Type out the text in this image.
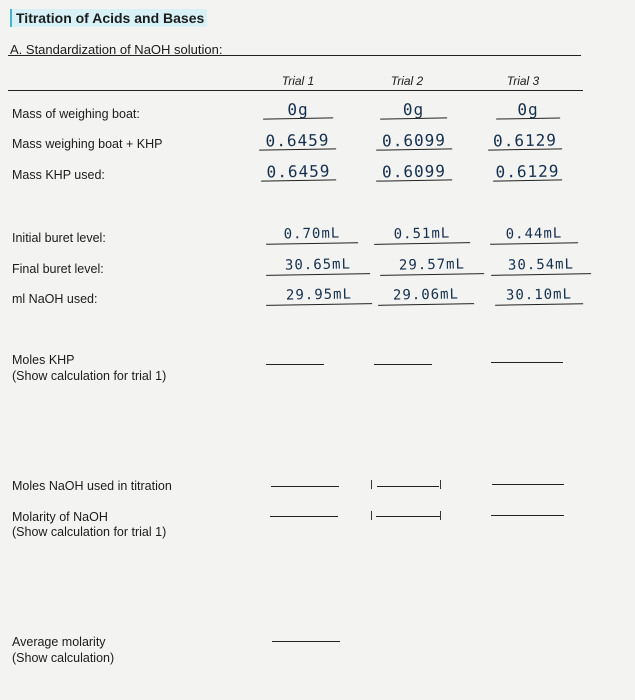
Titration of Acids and Bases
A. Standardization of NaOH solution:
Trial 1	Trial 2	Trial 3
Mass of weighing boat:	0g	0g	0g
Mass weighing boat + KHP	0.6459	0.6099	0.6129
Mass KHP used:	0.6459	0.6099	0.6129
Initial buret level:	0.70mL	0.51mL	0.44mL
Final buret level:	30.65mL	29.57mL	30.54mL
ml NaOH used:	29.95mL	29.06mL	30.10mL
Moles KHP
(Show calculation for trial 1)
Moles NaOH used in titration
Molarity of NaOH
(Show calculation for trial 1)
Average molarity
(Show calculation)
